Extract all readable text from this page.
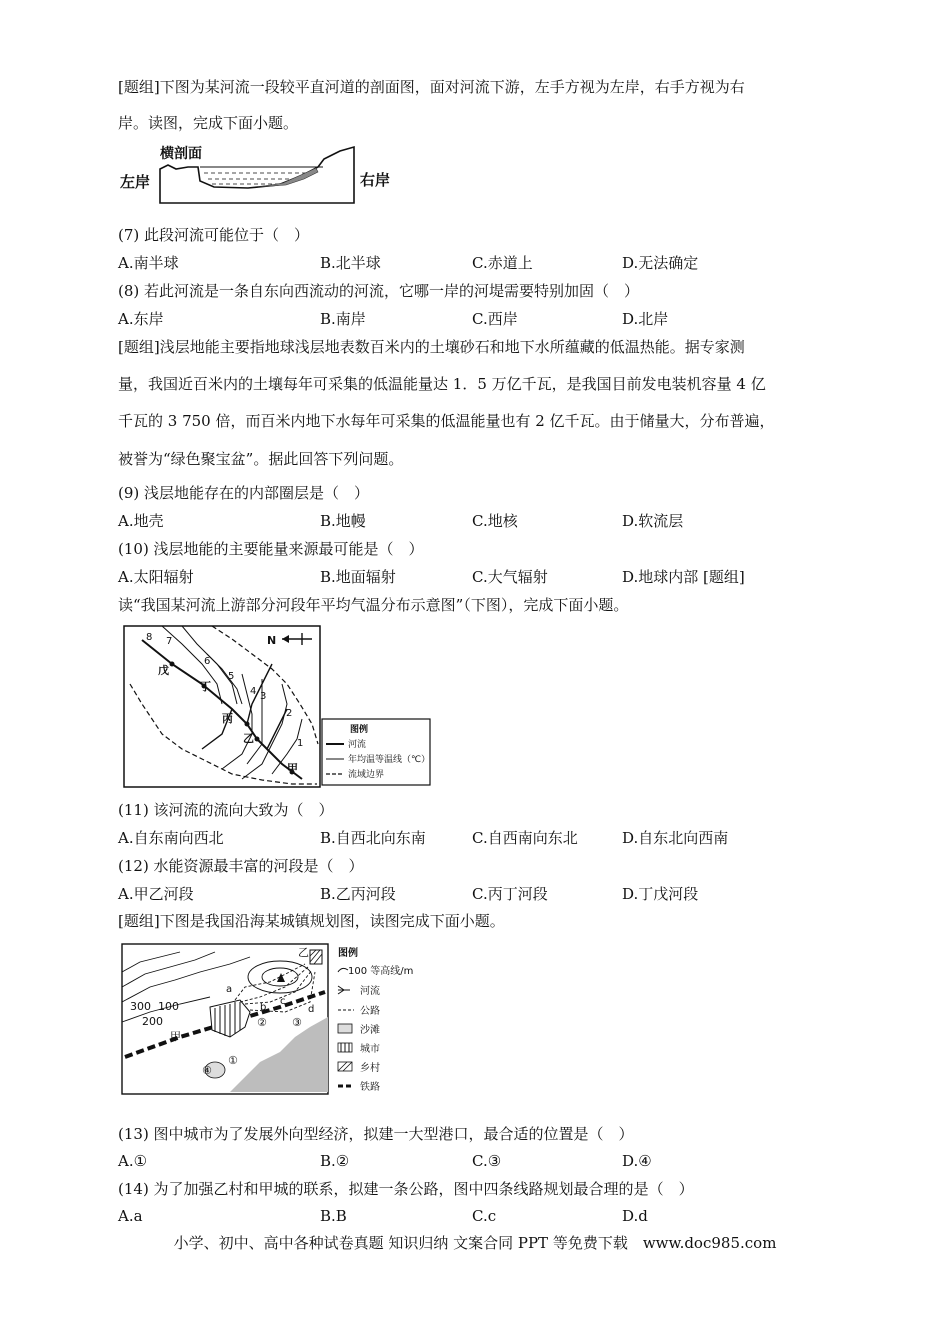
[题组]下图为某河流一段较平直河道的剖面图，面对河流下游，左手方视为左岸，右手方视为右
岸。读图，完成下面小题。
横剖面
左岸	右岸
(7) 此段河流可能位于（　）
A.南半球	B.北半球	C.赤道上	D.无法确定
(8) 若此河流是一条自东向西流动的河流，它哪一岸的河堤需要特别加固（　）
A.东岸	B.南岸	C.西岸	D.北岸
[题组]浅层地能主要指地球浅层地表数百米内的土壤砂石和地下水所蕴藏的低温热能。据专家测
量，我国近百米内的土壤每年可采集的低温能量达 1．5 万亿千瓦，是我国目前发电装机容量 4 亿
千瓦的 3 750 倍，而百米内地下水每年可采集的低温能量也有 2 亿千瓦。由于储量大，分布普遍，
被誉为“绿色聚宝盆”。据此回答下列问题。
(9) 浅层地能存在的内部圈层是（　）
A.地壳	B.地幔	C.地核	D.软流层
(10) 浅层地能的主要能量来源最可能是（　）
A.太阳辐射	B.地面辐射	C.大气辐射	D.地球内部 [题组]
读“我国某河流上游部分河段年平均气温分布示意图”（下图），完成下面小题。
N
1
2
3
4
5
6
7
8
甲
乙
丙
丁
戊
图例
河流
年均温等温线（℃）
流域边界
(11) 该河流的流向大致为（　）
A.自东南向西北	B.自西北向东南	C.自西南向东北	D.自东北向西南
(12) 水能资源最丰富的河段是（　）
A.甲乙河段	B.乙丙河段	C.丙丁河段	D.丁戊河段
[题组]下图是我国沿海某城镇规划图，读图完成下面小题。
300
200
100
甲
乙
a
b
c
d
①
② ③
④
图例
100 等高线/m
河流
公路
沙滩
城市
乡村
铁路
(13) 图中城市为了发展外向型经济，拟建一大型港口，最合适的位置是（　）
A.①	B.②	C.③	D.④
(14) 为了加强乙村和甲城的联系，拟建一条公路，图中四条线路规划最合理的是（　）
A.a	B.B	C.c	D.d
小学、初中、高中各种试卷真题 知识归纳 文案合同 PPT 等免费下载　www.doc985.com
